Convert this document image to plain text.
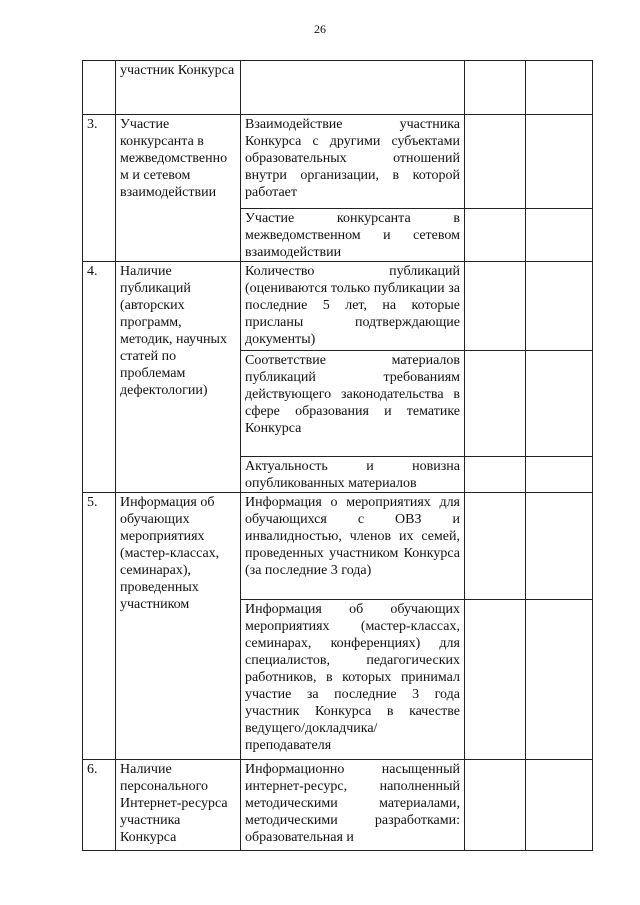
26
	участник Конкурса			
3.	Участие конкурсанта в межведомственно м и сетевом взаимодействии	Взаимодействие участника Конкурса с другими субъектами образовательных отношений внутри организации, в которой работает		
		Участие конкурсанта в межведомственном и сетевом взаимодействии		
4.	Наличие публикаций (авторских программ, методик, научных статей по проблемам дефектологии)	Количество публикаций (оцениваются только публикации за последние 5 лет, на которые присланы подтверждающие документы)		
		Соответствие материалов публикаций требованиям действующего законодательства в сфере образования и тематике Конкурса		
		Актуальность и новизна опубликованных материалов		
5.	Информация об обучающих мероприятиях (мастер-классах, семинарах), проведенных участником	Информация о мероприятиях для обучающихся с ОВЗ и инвалидностью, членов их семей, проведенных участником Конкурса (за последние 3 года)		
		Информация об обучающих мероприятиях (мастер-классах, семинарах, конференциях) для специалистов, педагогических работников, в которых принимал участие за последние 3 года участник Конкурса в качестве ведущего/докладчика/ преподавателя		
6.	Наличие персонального Интернет-ресурса участника Конкурса	Информационно насыщенный интернет-ресурс, наполненный методическими материалами, методическими разработками: образовательная и		
